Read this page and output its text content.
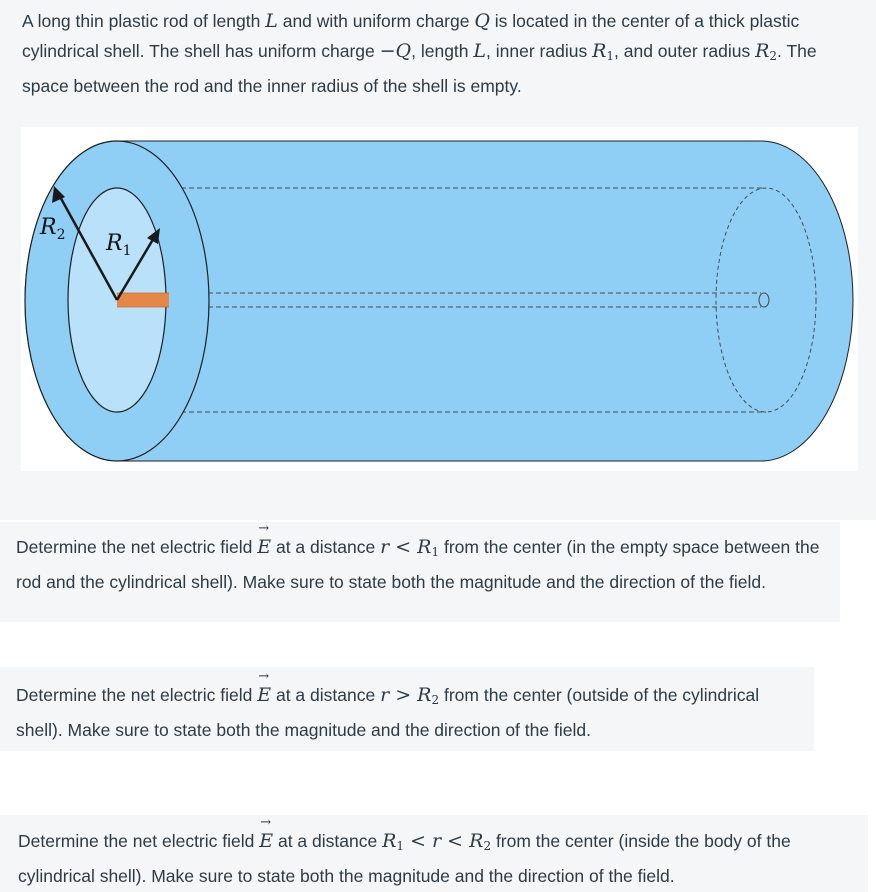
A long thin plastic rod of length L and with uniform charge Q is located in the center of a thick plastic cylindrical shell. The shell has uniform charge −Q, length L, inner radius $R_1$, and outer radius $R_2$. The space between the rod and the inner radius of the shell is empty.

$R_2$ $R_1$

Determine the net electric field E
→
at a distance $r < R_1$ from the center (in the empty space between the rod and the cylindrical shell). Make sure to state both the magnitude and the direction of the field.

Determine the net electric field E
→
at a distance $r > R_2$ from the center (outside of the cylindrical shell). Make sure to state both the magnitude and the direction of the field.

Determine the net electric field E
→
at a distance $R_1 < r < R_2$ from the center (inside the body of the cylindrical shell). Make sure to state both the magnitude and the direction of the field.
